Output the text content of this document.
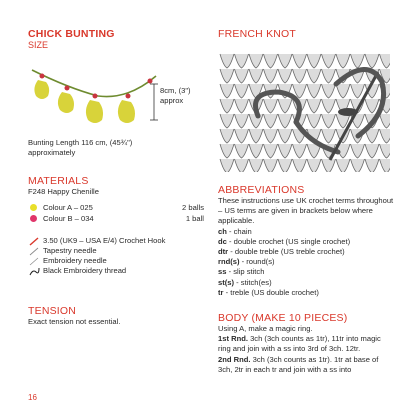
CHICK BUNTING
SIZE
8cm, (3")
approx
Bunting Length 116 cm, (45¾")
approximately
MATERIALS
F248 Happy Chenille
Colour A – 025	2 balls
Colour B – 034	1 ball
3.50 (UK9 – USA E/4) Crochet Hook
Tapestry needle
Embroidery needle
Black Embroidery thread
TENSION
Exact tension not essential.
16
FRENCH KNOT
ABBREVIATIONS
These instructions use UK crochet terms throughout – US terms are given in brackets below where applicable.
ch - chain
dc - double crochet (US single crochet)
dtr - double treble (US treble crochet)
rnd(s) - round(s)
ss - slip stitch
st(s) - stitch(es)
tr - treble (US double crochet)
BODY (MAKE 10 PIECES)
Using A, make a magic ring.
1st Rnd. 3ch (3ch counts as 1tr), 11tr into magic ring and join with a ss into 3rd of 3ch. 12tr.
2nd Rnd. 3ch (3ch counts as 1tr). 1tr at base of 3ch, 2tr in each tr and join with a ss into
